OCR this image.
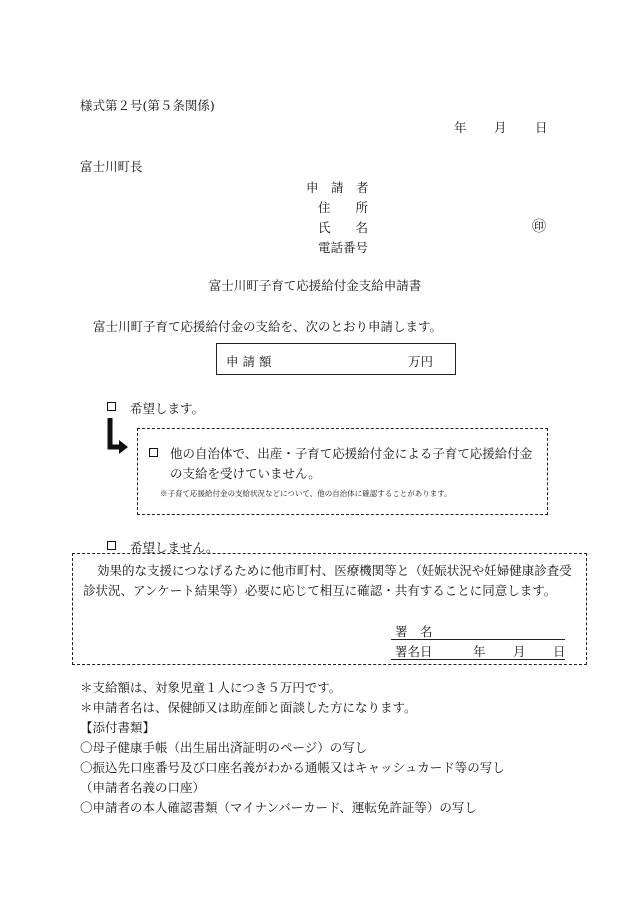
様式第２号(第５条関係)
年 月 日
富士川町長
申　請　者
住　　所
氏　　名	㊞
電話番号
富士川町子育て応援給付金支給申請書
富士川町子育て応援給付金の支給を、次のとおり申請します。
申 請 額	万円
希望します。
他の自治体で、出産・子育て応援給付金による子育て応援給付金の支給を受けていません。
※子育て応援給付金の支給状況などについて、他の自治体に確認することがあります。
希望しません。
効果的な支援につなげるために他市町村、医療機関等と（妊娠状況や妊婦健康診査受診状況、アンケート結果等）必要に応じて相互に確認・共有することに同意します。
署　名
署名日	年 月 日
＊支給額は、対象児童１人につき５万円です。
＊申請者名は、保健師又は助産師と面談した方になります。
【添付書類】
〇母子健康手帳（出生届出済証明のページ）の写し
〇振込先口座番号及び口座名義がわかる通帳又はキャッシュカード等の写し
（申請者名義の口座）
〇申請者の本人確認書類（マイナンバーカード、運転免許証等）の写し
